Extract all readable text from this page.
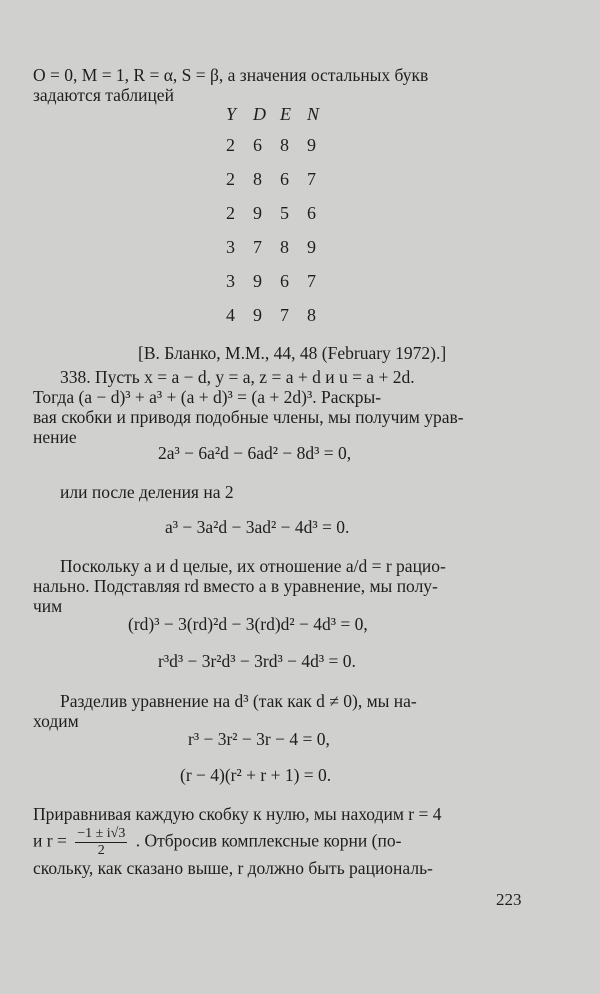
O = 0, M = 1, R = α, S = β, а значения остальных букв
задаются таблицей
Y	D	E	N
2	6	8	9
2	8	6	7
2	9	5	6
3	7	8	9
3	9	6	7
4	9	7	8
[В. Бланко, M.M., 44, 48 (February 1972).]
338. Пусть x = a − d, y = a, z = a + d и u = a + 2d.
Тогда (a − d)³ + a³ + (a + d)³ = (a + 2d)³. Раскры-
вая скобки и приводя подобные члены, мы получим урав-
нение
2a³ − 6a²d − 6ad² − 8d³ = 0,
или после деления на 2
a³ − 3a²d − 3ad² − 4d³ = 0.
Поскольку a и d целые, их отношение a/d = r рацио-
нально. Подставляя rd вместо a в уравнение, мы полу-
чим
(rd)³ − 3(rd)²d − 3(rd)d² − 4d³ = 0,
r³d³ − 3r²d³ − 3rd³ − 4d³ = 0.
Разделив уравнение на d³ (так как d ≠ 0), мы на-
ходим
r³ − 3r² − 3r − 4 = 0,
(r − 4)(r² + r + 1) = 0.
Приравнивая каждую скобку к нулю, мы находим r = 4
и $r = \frac{-1 \pm i√3}{2}$ . Отбросив комплексные корни (по-
скольку, как сказано выше, r должно быть рациональ-
223
